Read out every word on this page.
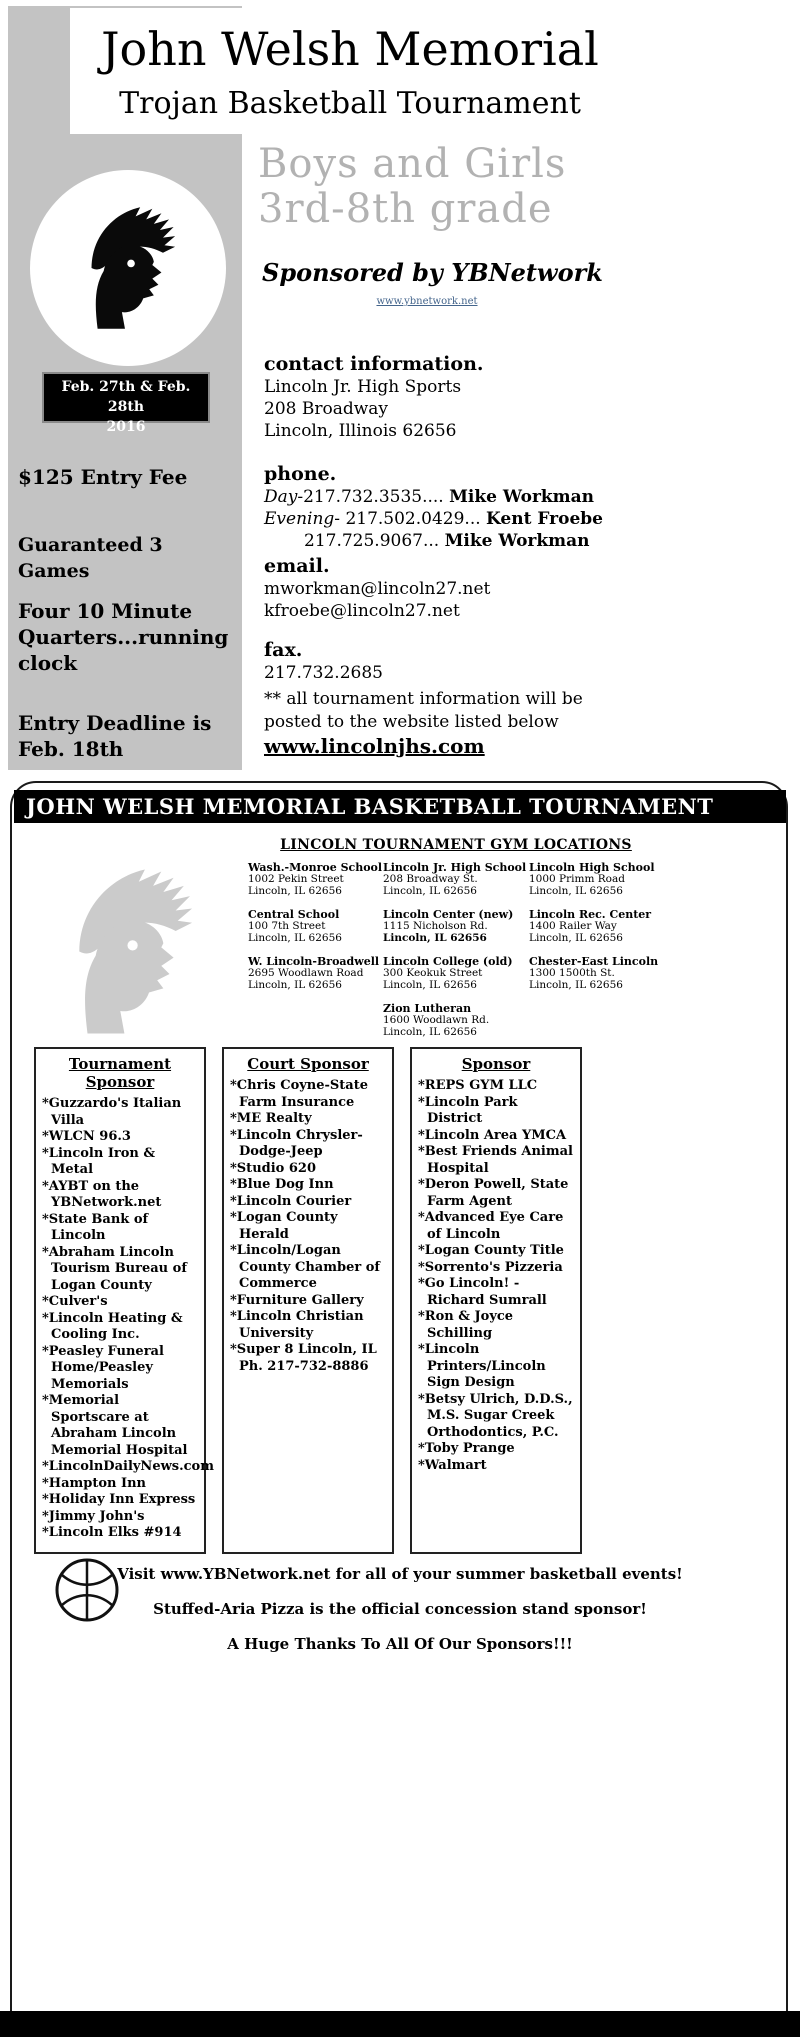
John Welsh Memorial
Trojan Basketball Tournament
Feb. 27th & Feb. 28th
2016
$125 Entry Fee
Guaranteed 3 Games
Four 10 Minute Quarters...running clock
Entry Deadline is Feb. 18th
Boys and Girls
3rd-8th grade
Sponsored by YBNetwork
www.ybnetwork.net
contact information.
Lincoln Jr. High Sports
208 Broadway
Lincoln, Illinois 62656
phone.
Day-217.732.3535.... Mike Workman
Evening- 217.502.0429... Kent Froebe
217.725.9067... Mike Workman
email.
mworkman@lincoln27.net
kfroebe@lincoln27.net
fax.
217.732.2685
** all tournament information will be posted to the website listed below
www.lincolnjhs.com
JOHN WELSH MEMORIAL BASKETBALL TOURNAMENT
LINCOLN TOURNAMENT GYM LOCATIONS
Wash.-Monroe School
1002 Pekin Street
Lincoln, IL 62656
Central School
100 7th Street
Lincoln, IL 62656
W. Lincoln-Broadwell
2695 Woodlawn Road
Lincoln, IL 62656
Lincoln Jr. High School
208 Broadway St.
Lincoln, IL 62656
Lincoln Center (new)
1115 Nicholson Rd.
Lincoln, IL 62656
Lincoln College (old)
300 Keokuk Street
Lincoln, IL 62656
Zion Lutheran
1600 Woodlawn Rd.
Lincoln, IL 62656
Lincoln High School
1000 Primm Road
Lincoln, IL 62656
Lincoln Rec. Center
1400 Railer Way
Lincoln, IL 62656
Chester-East Lincoln
1300 1500th St.
Lincoln, IL 62656
Tournament Sponsor
*Guzzardo's Italian Villa
*WLCN 96.3
*Lincoln Iron & Metal
*AYBT on the YBNetwork.net
*State Bank of Lincoln
*Abraham Lincoln Tourism Bureau of Logan County
*Culver's
*Lincoln Heating & Cooling Inc.
*Peasley Funeral Home/Peasley Memorials
*Memorial Sportscare at Abraham Lincoln Memorial Hospital
*LincolnDailyNews.com
*Hampton Inn
*Holiday Inn Express
*Jimmy John's
*Lincoln Elks #914
Court Sponsor
*Chris Coyne-State Farm Insurance
*ME Realty
*Lincoln Chrysler-Dodge-Jeep
*Studio 620
*Blue Dog Inn
*Lincoln Courier
*Logan County Herald
*Lincoln/Logan County Chamber of Commerce
*Furniture Gallery
*Lincoln Christian University
*Super 8 Lincoln, IL Ph. 217-732-8886
Sponsor
*REPS GYM LLC
*Lincoln Park District
*Lincoln Area YMCA
*Best Friends Animal Hospital
*Deron Powell, State Farm Agent
*Advanced Eye Care of Lincoln
*Logan County Title
*Sorrento's Pizzeria
*Go Lincoln! - Richard Sumrall
*Ron & Joyce Schilling
*Lincoln Printers/Lincoln Sign Design
*Betsy Ulrich, D.D.S., M.S. Sugar Creek Orthodontics, P.C.
*Toby Prange
*Walmart
Visit www.YBNetwork.net for all of your summer basketball events!
Stuffed-Aria Pizza is the official concession stand sponsor!
A Huge Thanks To All Of Our Sponsors!!!
